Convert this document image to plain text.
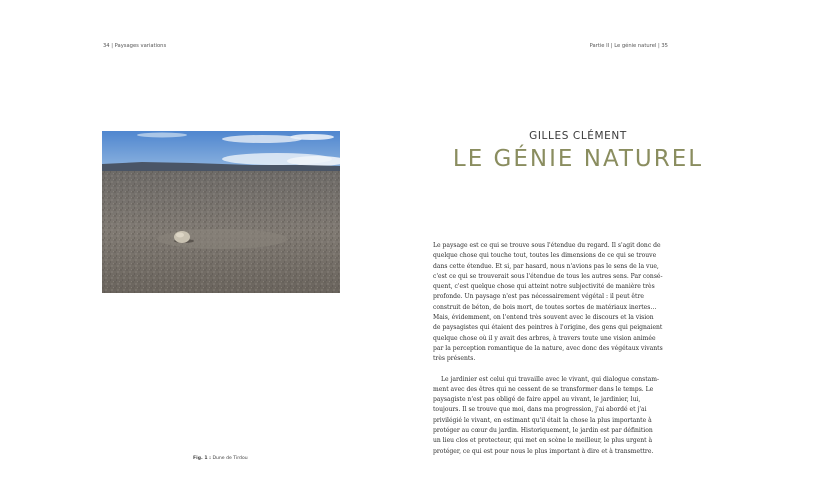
34 | Paysages variations	Partie II | Le génie naturel | 35
Fig. 1 : Dune de Tirdou
GILLES CLÉMENT
LE GÉNIE NATUREL

Le paysage est ce qui se trouve sous l'étendue du regard. Il s'agit donc de
quelque chose qui touche tout, toutes les dimensions de ce qui se trouve
dans cette étendue. Et si, par hasard, nous n'avions pas le sens de la vue,
c'est ce qui se trouverait sous l'étendue de tous les autres sens. Par consé-
quent, c'est quelque chose qui atteint notre subjectivité de manière très
profonde. Un paysage n'est pas nécessairement végétal : il peut être
construit de béton, de bois mort, de toutes sortes de matériaux inertes…
Mais, évidemment, on l'entend très souvent avec le discours et la vision
de paysagistes qui étaient des peintres à l'origine, des gens qui peignaient
quelque chose où il y avait des arbres, à travers toute une vision animée
par la perception romantique de la nature, avec donc des végétaux vivants
très présents.

Le jardinier est celui qui travaille avec le vivant, qui dialogue constam-
ment avec des êtres qui ne cessent de se transformer dans le temps. Le
paysagiste n'est pas obligé de faire appel au vivant, le jardinier, lui,
toujours. Il se trouve que moi, dans ma progression, j'ai abordé et j'ai
privilégié le vivant, en estimant qu'il était la chose la plus importante à
protéger au cœur du jardin. Historiquement, le jardin est par définition
un lieu clos et protecteur, qui met en scène le meilleur, le plus urgent à
protéger, ce qui est pour nous le plus important à dire et à transmettre.
